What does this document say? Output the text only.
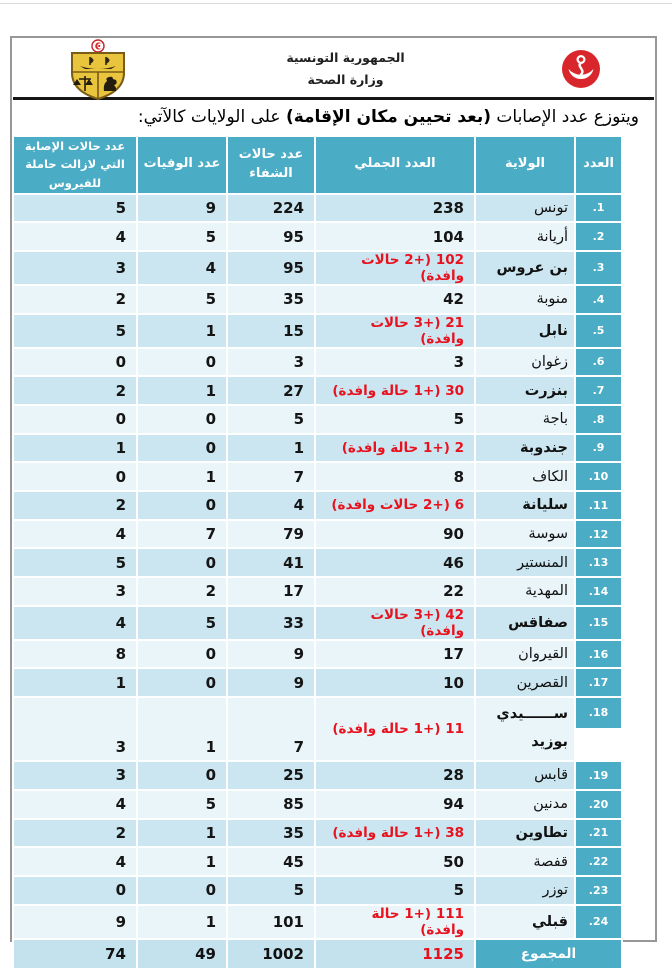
الجمهورية التونسية
وزارة الصحة
ويتوزع عدد الإصابات (بعد تحيين مكان الإقامة) على الولايات كالآتي:
العدد	الولاية	العدد الجملي	عدد حالات الشفاء	عدد الوفيات	عدد حالات الإصابة التي لازالت حاملة للفيروس

1.	تونس	238	224	9	5

2.	أريانة	104	95	5	4

3.	بن عروس	102 (+2 حالات وافدة)	95	4	3

4.	منوبة	42	35	5	2

5.	نابل	21 (+3 حالات وافدة)	15	1	5

6.	زغوان	3	3	0	0

7.	بنزرت	30 (+1 حالة وافدة)	27	1	2

8.	باجة	5	5	0	0

9.	جندوبة	2 (+1 حالة وافدة)	1	0	1

10.	الكاف	8	7	1	0

11.	سليانة	6 (+2 حالات وافدة)	4	0	2

12.	سوسة	90	79	7	4

13.	المنستير	46	41	0	5

14.	المهدية	22	17	2	3

15.	صفاقس	42 (+3 حالات وافدة)	33	5	4

16.	القيروان	17	9	0	8

17.	القصرين	10	9	0	1

18.	ســــــيدي بوزيد	11 (+1 حالة وافدة)	7	1	3

19.	قابس	28	25	0	3

20.	مدنين	94	85	5	4

21.	تطاوين	38 (+1 حالة وافدة)	35	1	2

22.	قفصة	50	45	1	4

23.	توزر	5	5	0	0

24.	قبلي	111 (+1 حالة وافدة)	101	1	9
المجموع		1125	1002	49	74
